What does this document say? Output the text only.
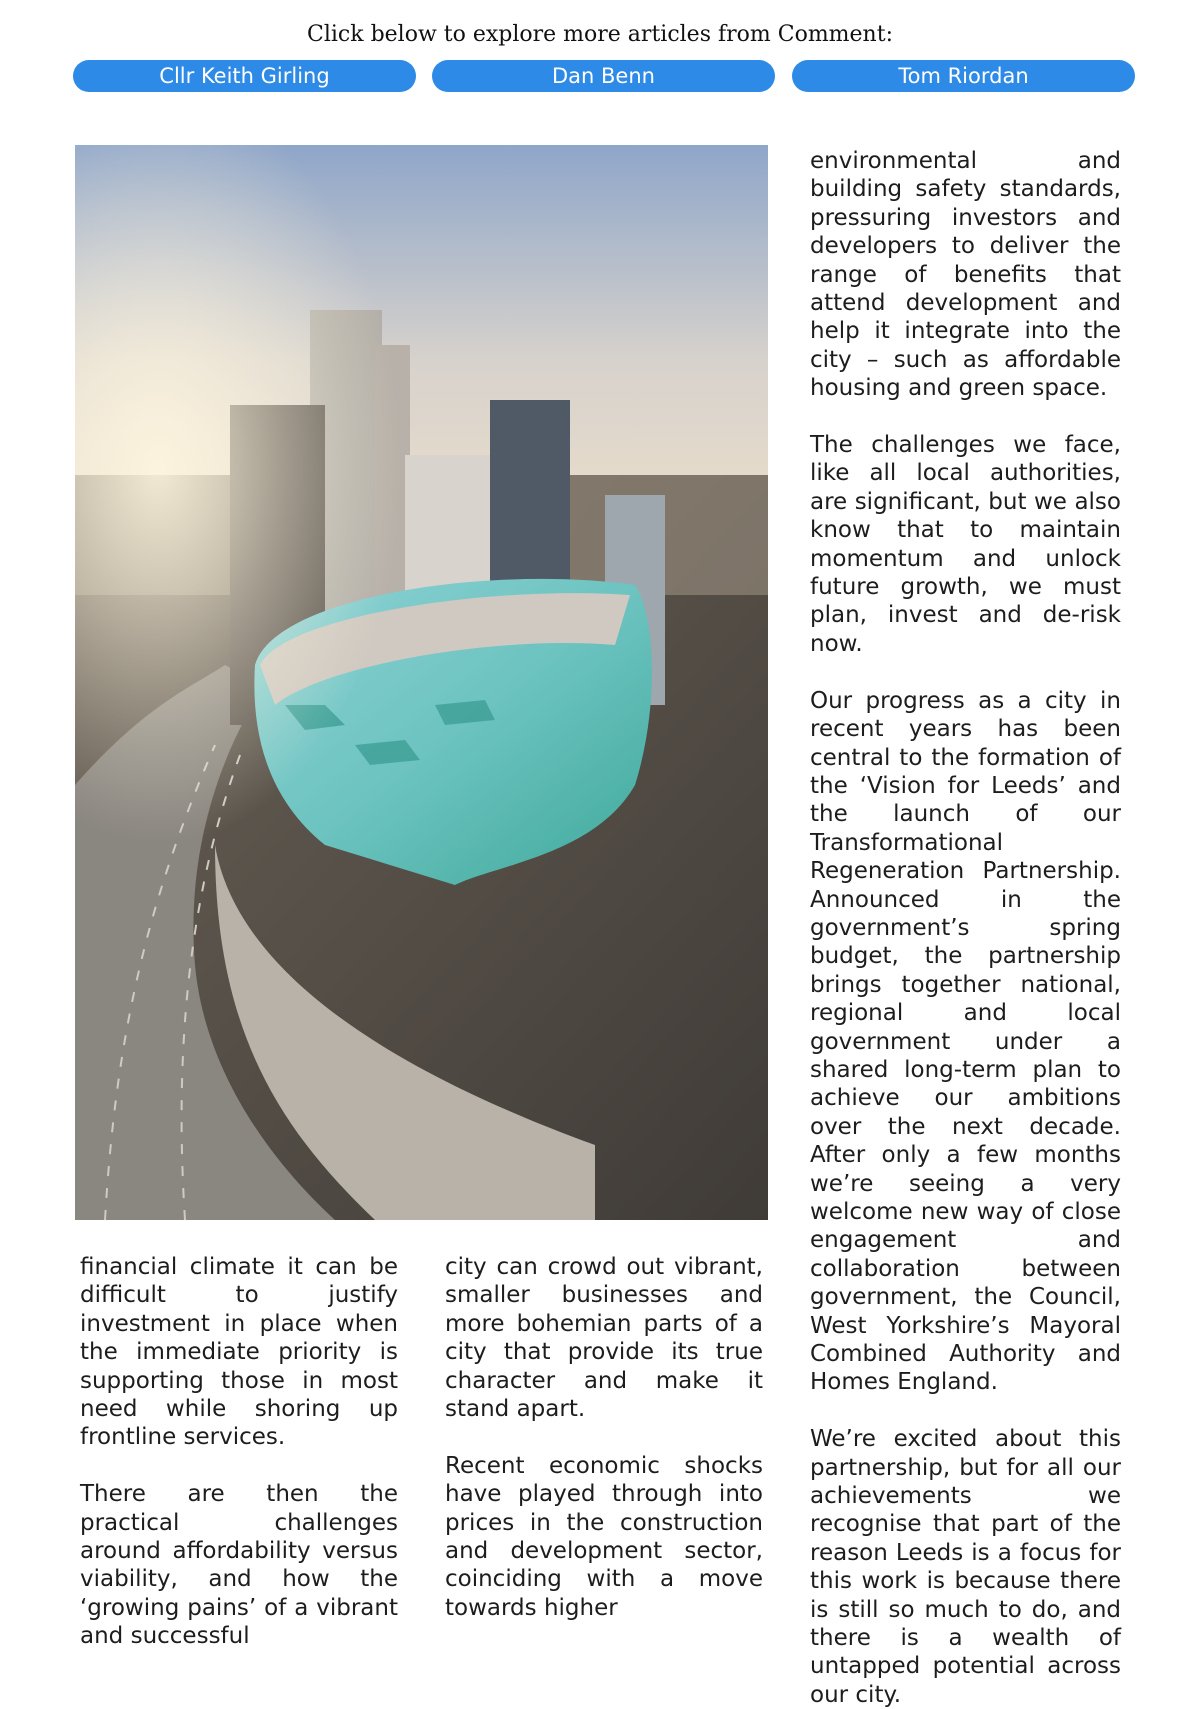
Click below to explore more articles from Comment:
Cllr Keith Girling	Dan Benn	Tom Riordan

financial climate it can be difficult to justify investment in place when the immediate priority is supporting those in most need while shoring up frontline services.

There are then the practical challenges around affordability versus viability, and how the ‘growing pains’ of a vibrant and successful

city can crowd out vibrant, smaller businesses and more bohemian parts of a city that provide its true character and make it stand apart.

Recent economic shocks have played through into prices in the construction and development sector, coinciding with a move towards higher

environmental and building safety standards, pressuring investors and developers to deliver the range of benefits that attend development and help it integrate into the city – such as affordable housing and green space.

The challenges we face, like all local authorities, are significant, but we also know that to maintain momentum and unlock future growth, we must plan, invest and de-risk now.

Our progress as a city in recent years has been central to the formation of the ‘Vision for Leeds’ and the launch of our Transformational Regeneration Partnership. Announced in the government’s spring budget, the partnership brings together national, regional and local government under a shared long-term plan to achieve our ambitions over the next decade. After only a few months we’re seeing a very welcome new way of close engagement and collaboration between government, the Council, West Yorkshire’s Mayoral Combined Authority and Homes England.

We’re excited about this partnership, but for all our achievements we recognise that part of the reason Leeds is a focus for this work is because there is still so much to do, and there is a wealth of untapped potential across our city.
